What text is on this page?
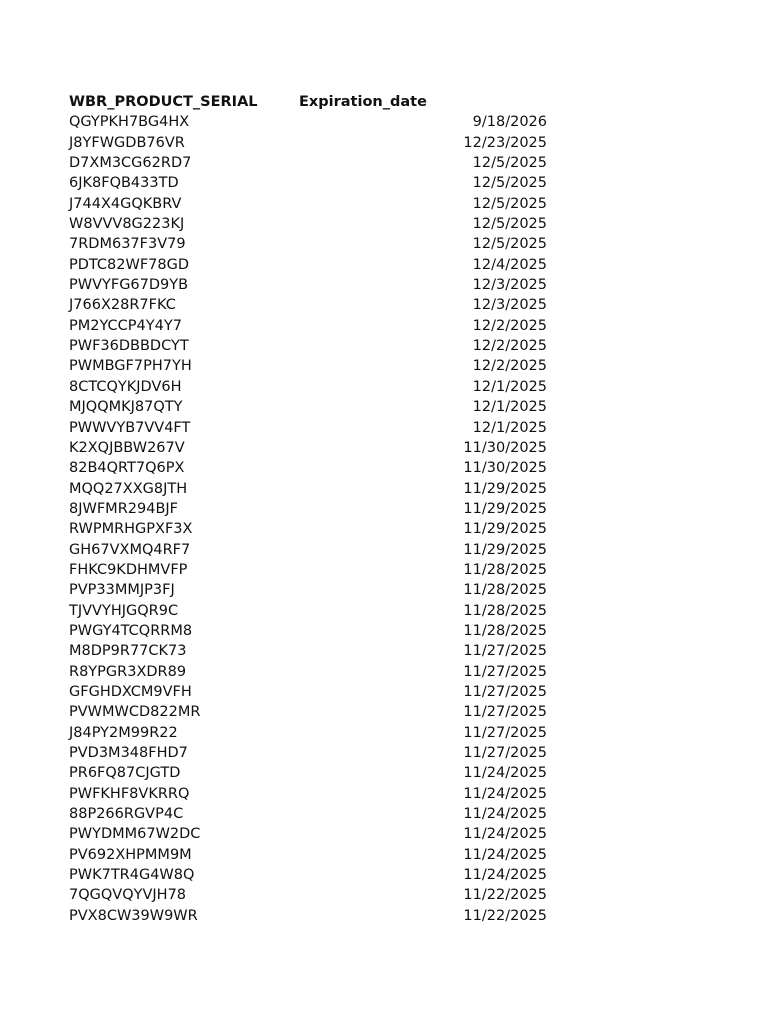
WBR_PRODUCT_SERIAL	Expiration_date
QGYPKH7BG4HX	9/18/2026
J8YFWGDB76VR	12/23/2025
D7XM3CG62RD7	12/5/2025
6JK8FQB433TD	12/5/2025
J744X4GQKBRV	12/5/2025
W8VVV8G223KJ	12/5/2025
7RDM637F3V79	12/5/2025
PDTC82WF78GD	12/4/2025
PWVYFG67D9YB	12/3/2025
J766X28R7FKC	12/3/2025
PM2YCCP4Y4Y7	12/2/2025
PWF36DBBDCYT	12/2/2025
PWMBGF7PH7YH	12/2/2025
8CTCQYKJDV6H	12/1/2025
MJQQMKJ87QTY	12/1/2025
PWWVYB7VV4FT	12/1/2025
K2XQJBBW267V	11/30/2025
82B4QRT7Q6PX	11/30/2025
MQQ27XXG8JTH	11/29/2025
8JWFMR294BJF	11/29/2025
RWPMRHGPXF3X	11/29/2025
GH67VXMQ4RF7	11/29/2025
FHKC9KDHMVFP	11/28/2025
PVP33MMJP3FJ	11/28/2025
TJVVYHJGQR9C	11/28/2025
PWGY4TCQRRM8	11/28/2025
M8DP9R77CK73	11/27/2025
R8YPGR3XDR89	11/27/2025
GFGHDXCM9VFH	11/27/2025
PVWMWCD822MR	11/27/2025
J84PY2M99R22	11/27/2025
PVD3M348FHD7	11/27/2025
PR6FQ87CJGTD	11/24/2025
PWFKHF8VKRRQ	11/24/2025
88P266RGVP4C	11/24/2025
PWYDMM67W2DC	11/24/2025
PV692XHPMM9M	11/24/2025
PWK7TR4G4W8Q	11/24/2025
7QGQVQYVJH78	11/22/2025
PVX8CW39W9WR	11/22/2025
